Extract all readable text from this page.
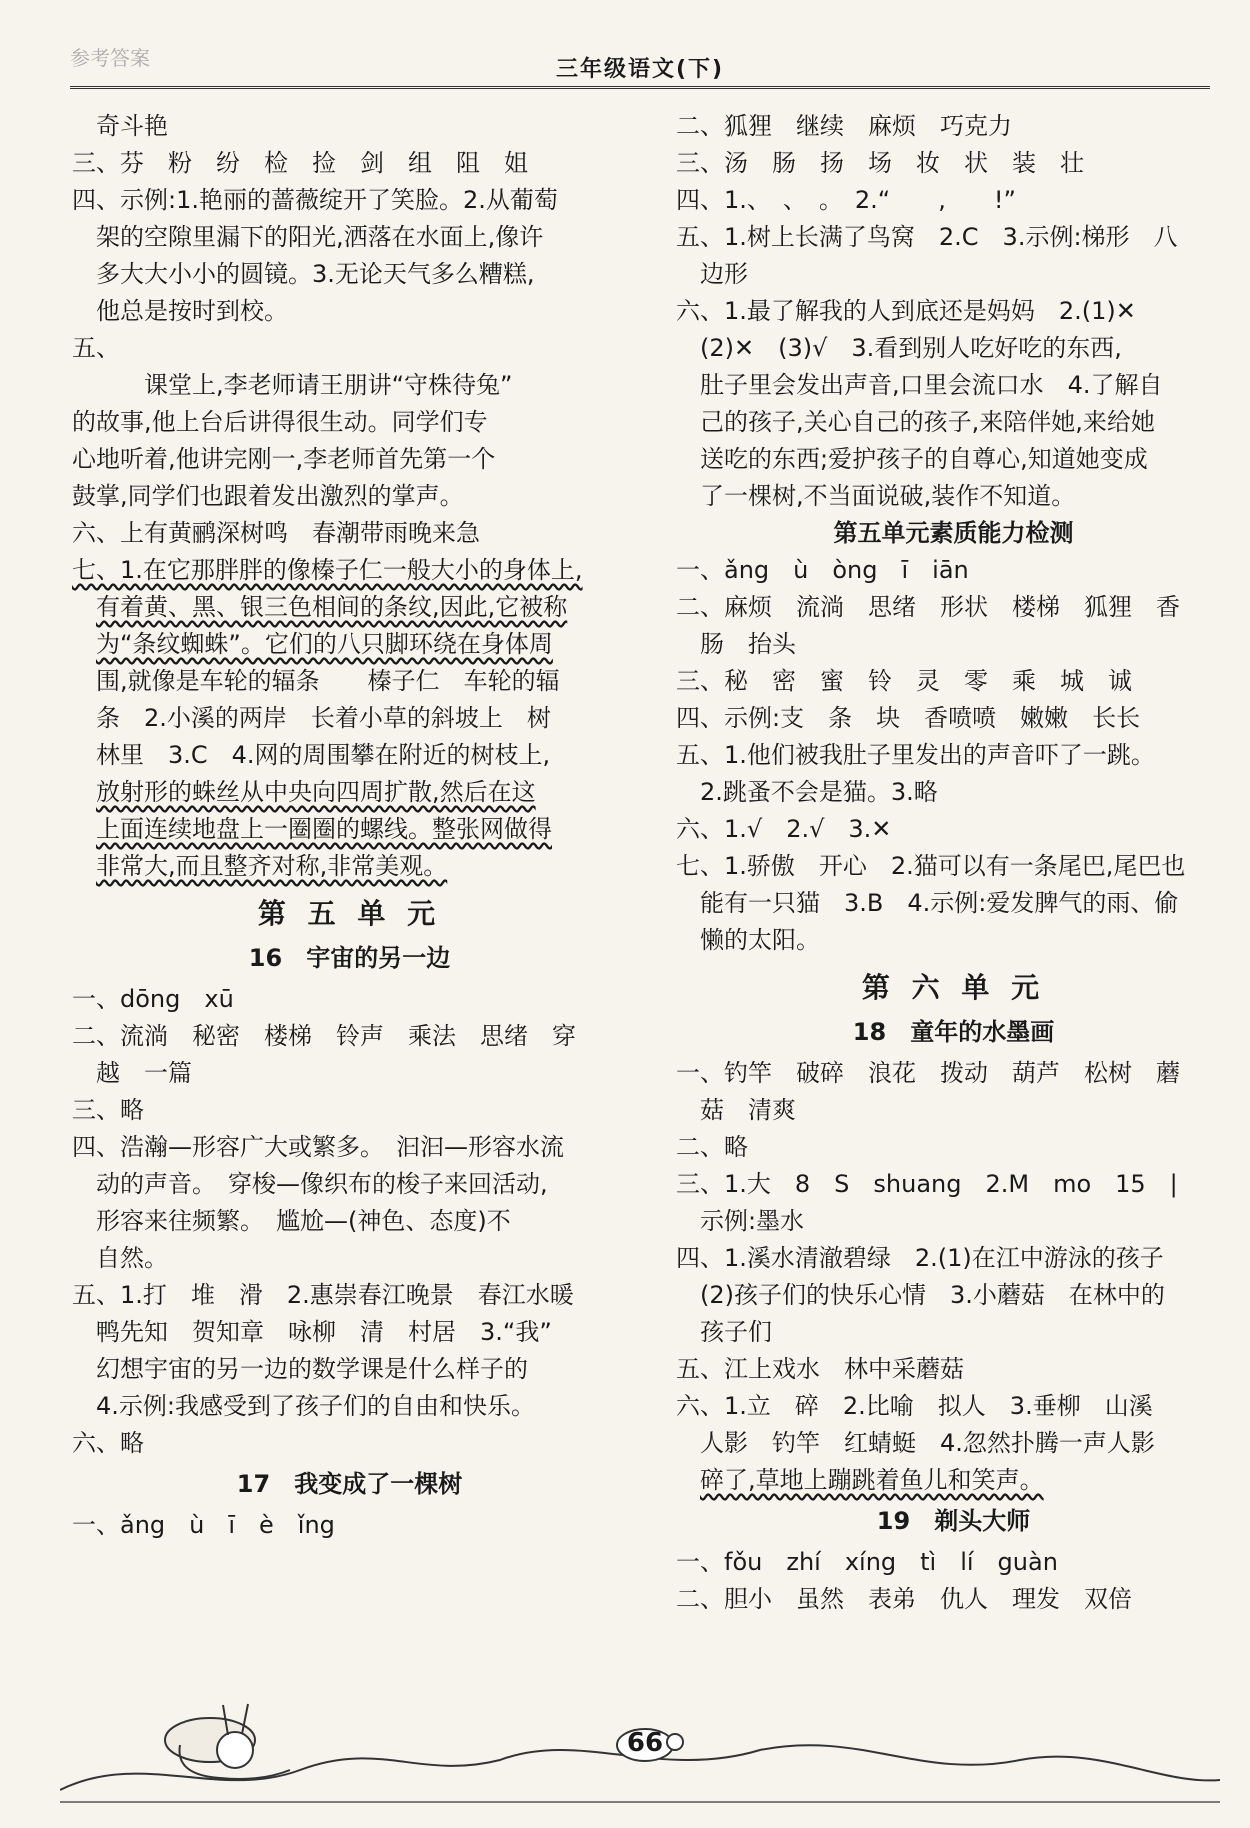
参考答案	三年级语文(下)

奇斗艳

三、芬　粉　纷　检　捡　剑　组　阻　姐

四、示例:1.艳丽的蔷薇绽开了笑脸。2.从葡萄

架的空隙里漏下的阳光,洒落在水面上,像许

多大大小小的圆镜。3.无论天气多么糟糕,

他总是按时到校。

五、

　　课堂上,李老师请王朋讲“守株待兔”

的故事,他上台后讲得很生动。同学们专

心地听着,他讲完刚一,李老师首先第一个

鼓掌,同学们也跟着发出激烈的掌声。

六、上有黄鹂深树鸣　春潮带雨晚来急

七、1.在它那胖胖的像榛子仁一般大小的身体上,

有着黄、黑、银三色相间的条纹,因此,它被称

为“条纹蜘蛛”。它们的八只脚环绕在身体周

围,就像是车轮的辐条　　榛子仁　车轮的辐

条　2.小溪的两岸　长着小草的斜坡上　树

林里　3.C　4.网的周围攀在附近的树枝上,

放射形的蛛丝从中央向四周扩散,然后在这

上面连续地盘上一圈圈的螺线。整张网做得

非常大,而且整齐对称,非常美观。

第 五 单 元

16　宇宙的另一边

一、dōng　xū

二、流淌　秘密　楼梯　铃声　乘法　思绪　穿

越　一篇

三、略

四、浩瀚—形容广大或繁多。　汩汩—形容水流

动的声音。　穿梭—像织布的梭子来回活动,

形容来往频繁。　尴尬—(神色、态度)不

自然。

五、1.打　堆　滑　2.惠崇春江晚景　春江水暖

鸭先知　贺知章　咏柳　清　村居　3.“我”

幻想宇宙的另一边的数学课是什么样子的

4.示例:我感受到了孩子们的自由和快乐。

六、略

17　我变成了一棵树

一、ǎng　ù　ī　è　ǐng

二、狐狸　继续　麻烦　巧克力

三、汤　肠　扬　场　妆　状　装　壮

四、1.、　、　。　2.“　　,　　!”

五、1.树上长满了鸟窝　2.C　3.示例:梯形　八

边形

六、1.最了解我的人到底还是妈妈　2.(1)✕

(2)✕　(3)√　3.看到别人吃好吃的东西,

肚子里会发出声音,口里会流口水　4.了解自

己的孩子,关心自己的孩子,来陪伴她,来给她

送吃的东西;爱护孩子的自尊心,知道她变成

了一棵树,不当面说破,装作不知道。

第五单元素质能力检测

一、ǎng　ù　òng　ī　iān

二、麻烦　流淌　思绪　形状　楼梯　狐狸　香

肠　抬头

三、秘　密　蜜　铃　灵　零　乘　城　诚

四、示例:支　条　块　香喷喷　嫩嫩　长长

五、1.他们被我肚子里发出的声音吓了一跳。

2.跳蚤不会是猫。3.略

六、1.√　2.√　3.✕

七、1.骄傲　开心　2.猫可以有一条尾巴,尾巴也

能有一只猫　3.B　4.示例:爱发脾气的雨、偷

懒的太阳。

第 六 单 元

18　童年的水墨画

一、钓竿　破碎　浪花　拨动　葫芦　松树　蘑

菇　清爽

二、略

三、1.大　8　S　shuang　2.M　mo　15　|

示例:墨水

四、1.溪水清澈碧绿　2.(1)在江中游泳的孩子

(2)孩子们的快乐心情　3.小蘑菇　在林中的

孩子们

五、江上戏水　林中采蘑菇

六、1.立　碎　2.比喻　拟人　3.垂柳　山溪

人影　钓竿　红蜻蜓　4.忽然扑腾一声人影

碎了,草地上蹦跳着鱼儿和笑声。

19　剃头大师

一、fǒu　zhí　xíng　tì　lí　guàn

二、胆小　虽然　表弟　仇人　理发　双倍

66
